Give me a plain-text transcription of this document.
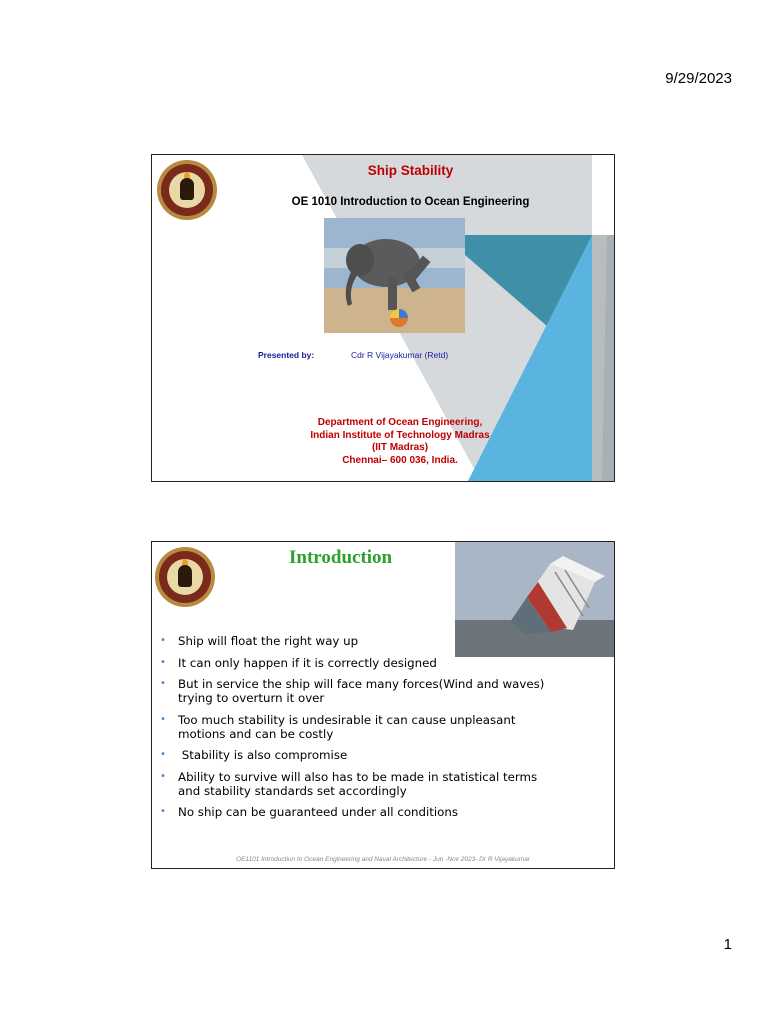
9/29/2023
Ship Stability
OE 1010 Introduction to Ocean Engineering
Presented by:	Cdr R Vijayakumar (Retd)
Department of Ocean Engineering,
Indian Institute of Technology Madras
(IIT Madras)
Chennai– 600 036, India.
Introduction
• Ship will float the right way up
• It can only happen if it is correctly designed
• But in service the ship will face many forces(Wind and waves) trying to overturn it over
• Too much stability is undesirable it can cause unpleasant motions and can be costly
• Stability is also compromise
• Ability to survive will also has to be made in statistical terms and stability standards set accordingly
• No ship can be guaranteed under all conditions
OE1101 Introduction to Ocean Engineering and Naval Architecture - Jun -Nov 2023- Dr R Vijayakumar
1
